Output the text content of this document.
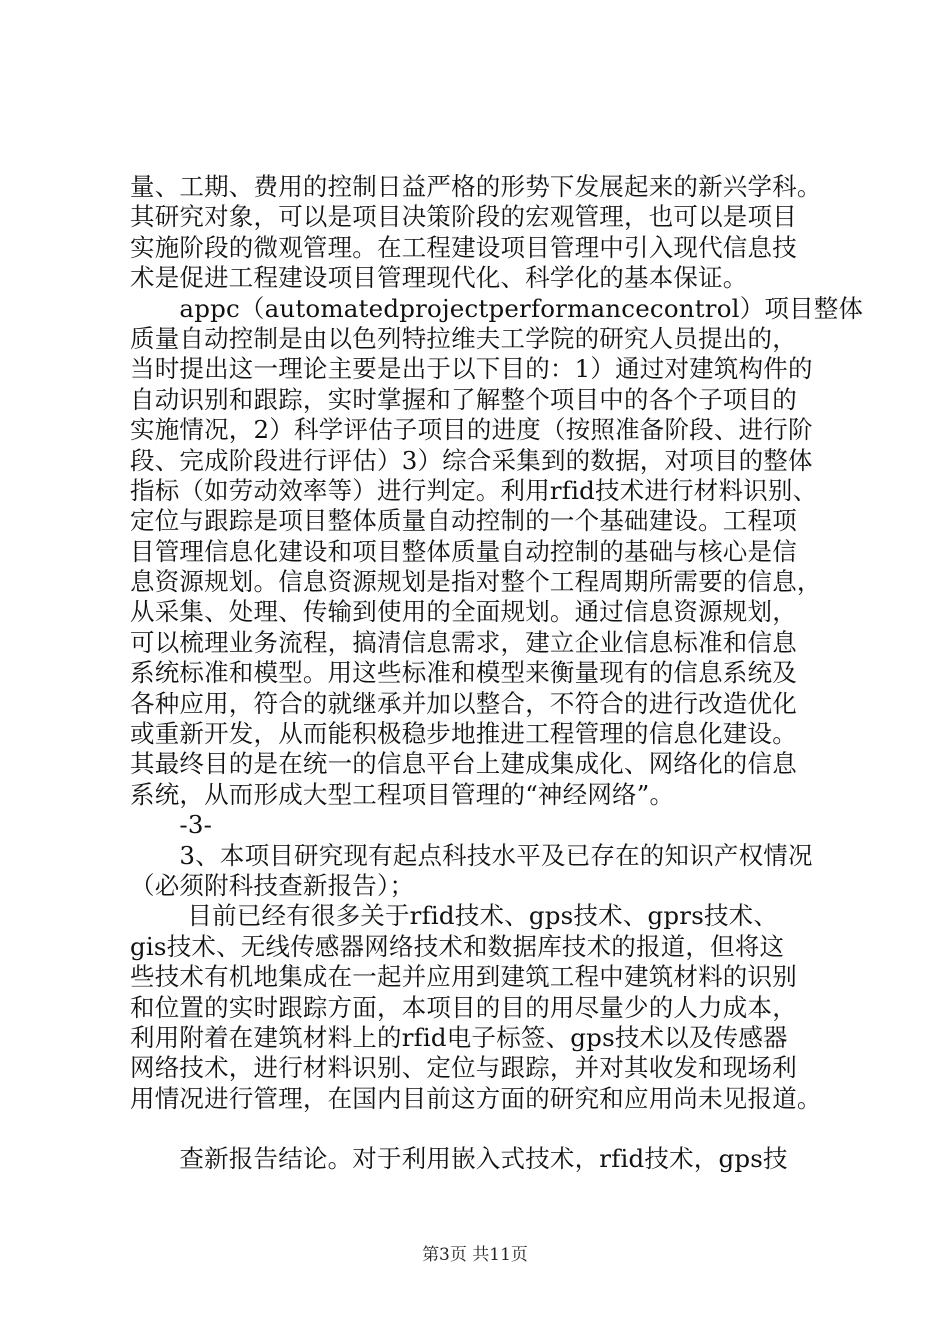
量、工期、费用的控制日益严格的形势下发展起来的新兴学科。
其研究对象，可以是项目决策阶段的宏观管理，也可以是项目
实施阶段的微观管理。在工程建设项目管理中引入现代信息技
术是促进工程建设项目管理现代化、科学化的基本保证。
　　appc（automatedprojectperformancecontrol）项目整体
质量自动控制是由以色列特拉维夫工学院的研究人员提出的，
当时提出这一理论主要是出于以下目的：1）通过对建筑构件的
自动识别和跟踪，实时掌握和了解整个项目中的各个子项目的
实施情况，2）科学评估子项目的进度（按照准备阶段、进行阶
段、完成阶段进行评估）3）综合采集到的数据，对项目的整体
指标（如劳动效率等）进行判定。利用rfid技术进行材料识别、
定位与跟踪是项目整体质量自动控制的一个基础建设。工程项
目管理信息化建设和项目整体质量自动控制的基础与核心是信
息资源规划。信息资源规划是指对整个工程周期所需要的信息，
从采集、处理、传输到使用的全面规划。通过信息资源规划，
可以梳理业务流程，搞清信息需求，建立企业信息标准和信息
系统标准和模型。用这些标准和模型来衡量现有的信息系统及
各种应用，符合的就继承并加以整合，不符合的进行改造优化
或重新开发，从而能积极稳步地推进工程管理的信息化建设。
其最终目的是在统一的信息平台上建成集成化、网络化的信息
系统，从而形成大型工程项目管理的“神经网络”。
　　-3-
　　3、本项目研究现有起点科技水平及已存在的知识产权情况
（必须附科技查新报告）；
　　 目前已经有很多关于rfid技术、gps技术、gprs技术、
gis技术、无线传感器网络技术和数据库技术的报道，但将这
些技术有机地集成在一起并应用到建筑工程中建筑材料的识别
和位置的实时跟踪方面，本项目的目的用尽量少的人力成本，
利用附着在建筑材料上的rfid电子标签、gps技术以及传感器
网络技术，进行材料识别、定位与跟踪，并对其收发和现场利
用情况进行管理，在国内目前这方面的研究和应用尚未见报道。
　　查新报告结论。对于利用嵌入式技术，rfid技术，gps技
第3页 共11页
